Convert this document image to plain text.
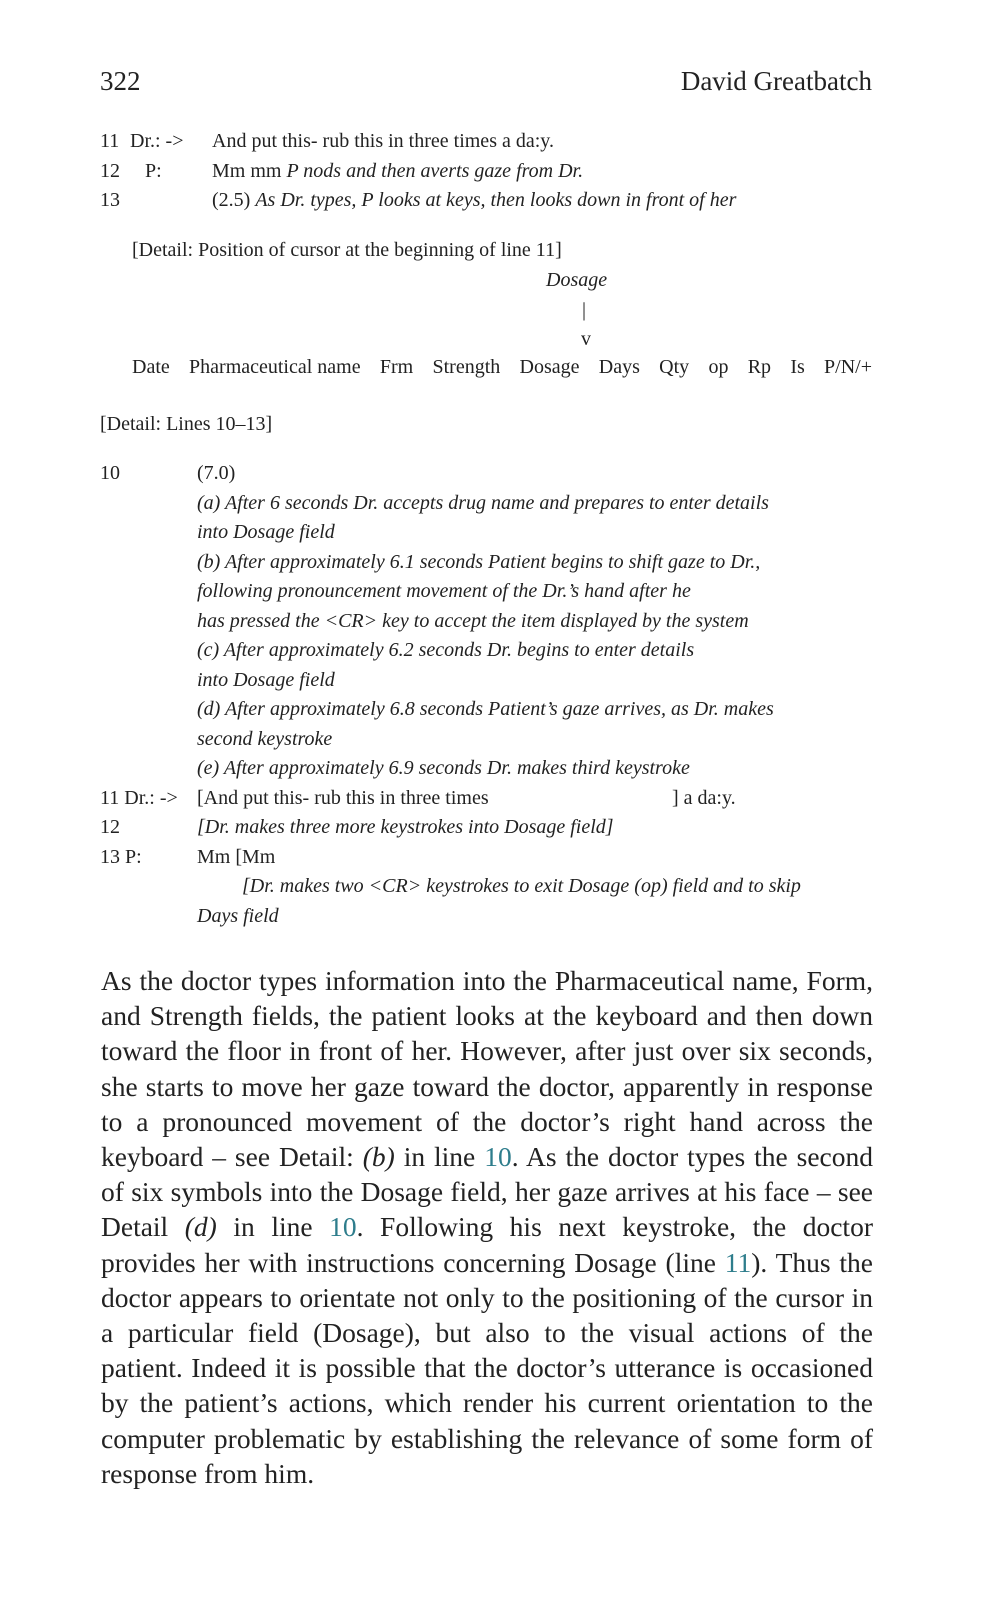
322	David Greatbatch
11 Dr.: -> And put this- rub this in three times a da:y.
12 P:	Mm mm P nods and then averts gaze from Dr.
13	(2.5) As Dr. types, P looks at keys, then looks down in front of her
[Detail: Position of cursor at the beginning of line 11]
Dosage
|
v
Date Pharmaceutical name Frm Strength Dosage Days Qty op Rp Is P/N/+
[Detail: Lines 10–13]
10	(7.0)
(a) After 6 seconds Dr. accepts drug name and prepares to enter details
into Dosage field
(b) After approximately 6.1 seconds Patient begins to shift gaze to Dr.,
following pronouncement movement of the Dr.’s hand after he
has pressed the <CR> key to accept the item displayed by the system
(c) After approximately 6.2 seconds Dr. begins to enter details
into Dosage field
(d) After approximately 6.8 seconds Patient’s gaze arrives, as Dr. makes
second keystroke
(e) After approximately 6.9 seconds Dr. makes third keystroke
11 Dr.: -> [And put this- rub this in three times	] a da:y.
12	[Dr. makes three more keystrokes into Dosage field]
13 P:	Mm [Mm
[Dr. makes two <CR> keystrokes to exit Dosage (op) field and to skip
Days field

As the doctor types information into the Pharmaceutical name, Form, and Strength fields, the patient looks at the keyboard and then down toward the floor in front of her. However, after just over six seconds, she starts to move her gaze toward the doctor, apparently in response to a pronounced movement of the doctor’s right hand across the keyboard – see Detail: (b) in line 10. As the doctor types the second of six symbols into the Dosage field, her gaze arrives at his face – see Detail (d) in line 10. Following his next keystroke, the doctor provides her with instructions concerning Dosage (line 11). Thus the doctor appears to orientate not only to the positioning of the cursor in a particular field (Dosage), but also to the visual actions of the patient. Indeed it is possible that the doctor’s utterance is occasioned by the patient’s actions, which render his current orientation to the computer problematic by establishing the relevance of some form of response from him.
